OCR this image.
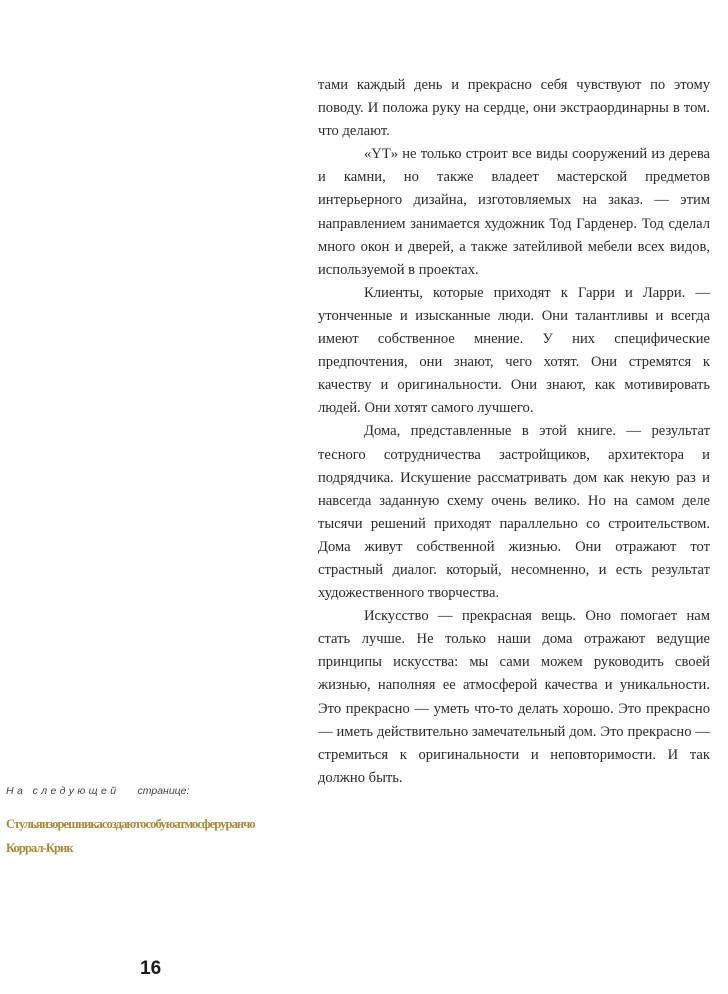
тами каждый день и прекрасно себя чувствуют по этому поводу. И положа руку на сердце, они экстраординарны в том. что делают.

«YT» не только строит все виды сооружений из дерева и камни, но также владеет мастерской предметов интерьерного дизайна, изготовляемых на заказ. — этим направлением занимается художник Тод Гарденер. Тод сделал много окон и дверей, а также затейливой мебели всех видов, используемой в проектах.

Клиенты, которые приходят к Гарри и Ларри. — утонченные и изысканные люди. Они талантливы и всегда имеют собственное мнение. У них специфические предпочтения, они знают, чего хотят. Они стремятся к качеству и оригинальности. Они знают, как мотивировать людей. Они хотят самого лучшего.

Дома, представленные в этой книге. — результат тесного сотрудничества застройщиков, архитектора и подрядчика. Искушение рассматривать дом как некую раз и навсегда заданную схему очень велико. Но на самом деле тысячи решений приходят параллельно со строительством. Дома живут собственной жизнью. Они отражают тот страстный диалог. который, несомненно, и есть результат художественного творчества.

Искусство — прекрасная вещь. Оно помогает нам стать лучше. Не только наши дома отражают ведущие принципы искусства: мы сами можем руководить своей жизнью, наполняя ее атмосферой качества и уникальности. Это прекрасно — уметь что-то делать хорошо. Это прекрасно — иметь действительно замечательный дом. Это прекрасно — стремиться к оригинальности и неповторимости. И так должно быть.

На следующей странице:
Стульяизорешникасоздаютособуюатмосферуранчо Коррал-Крик
16
